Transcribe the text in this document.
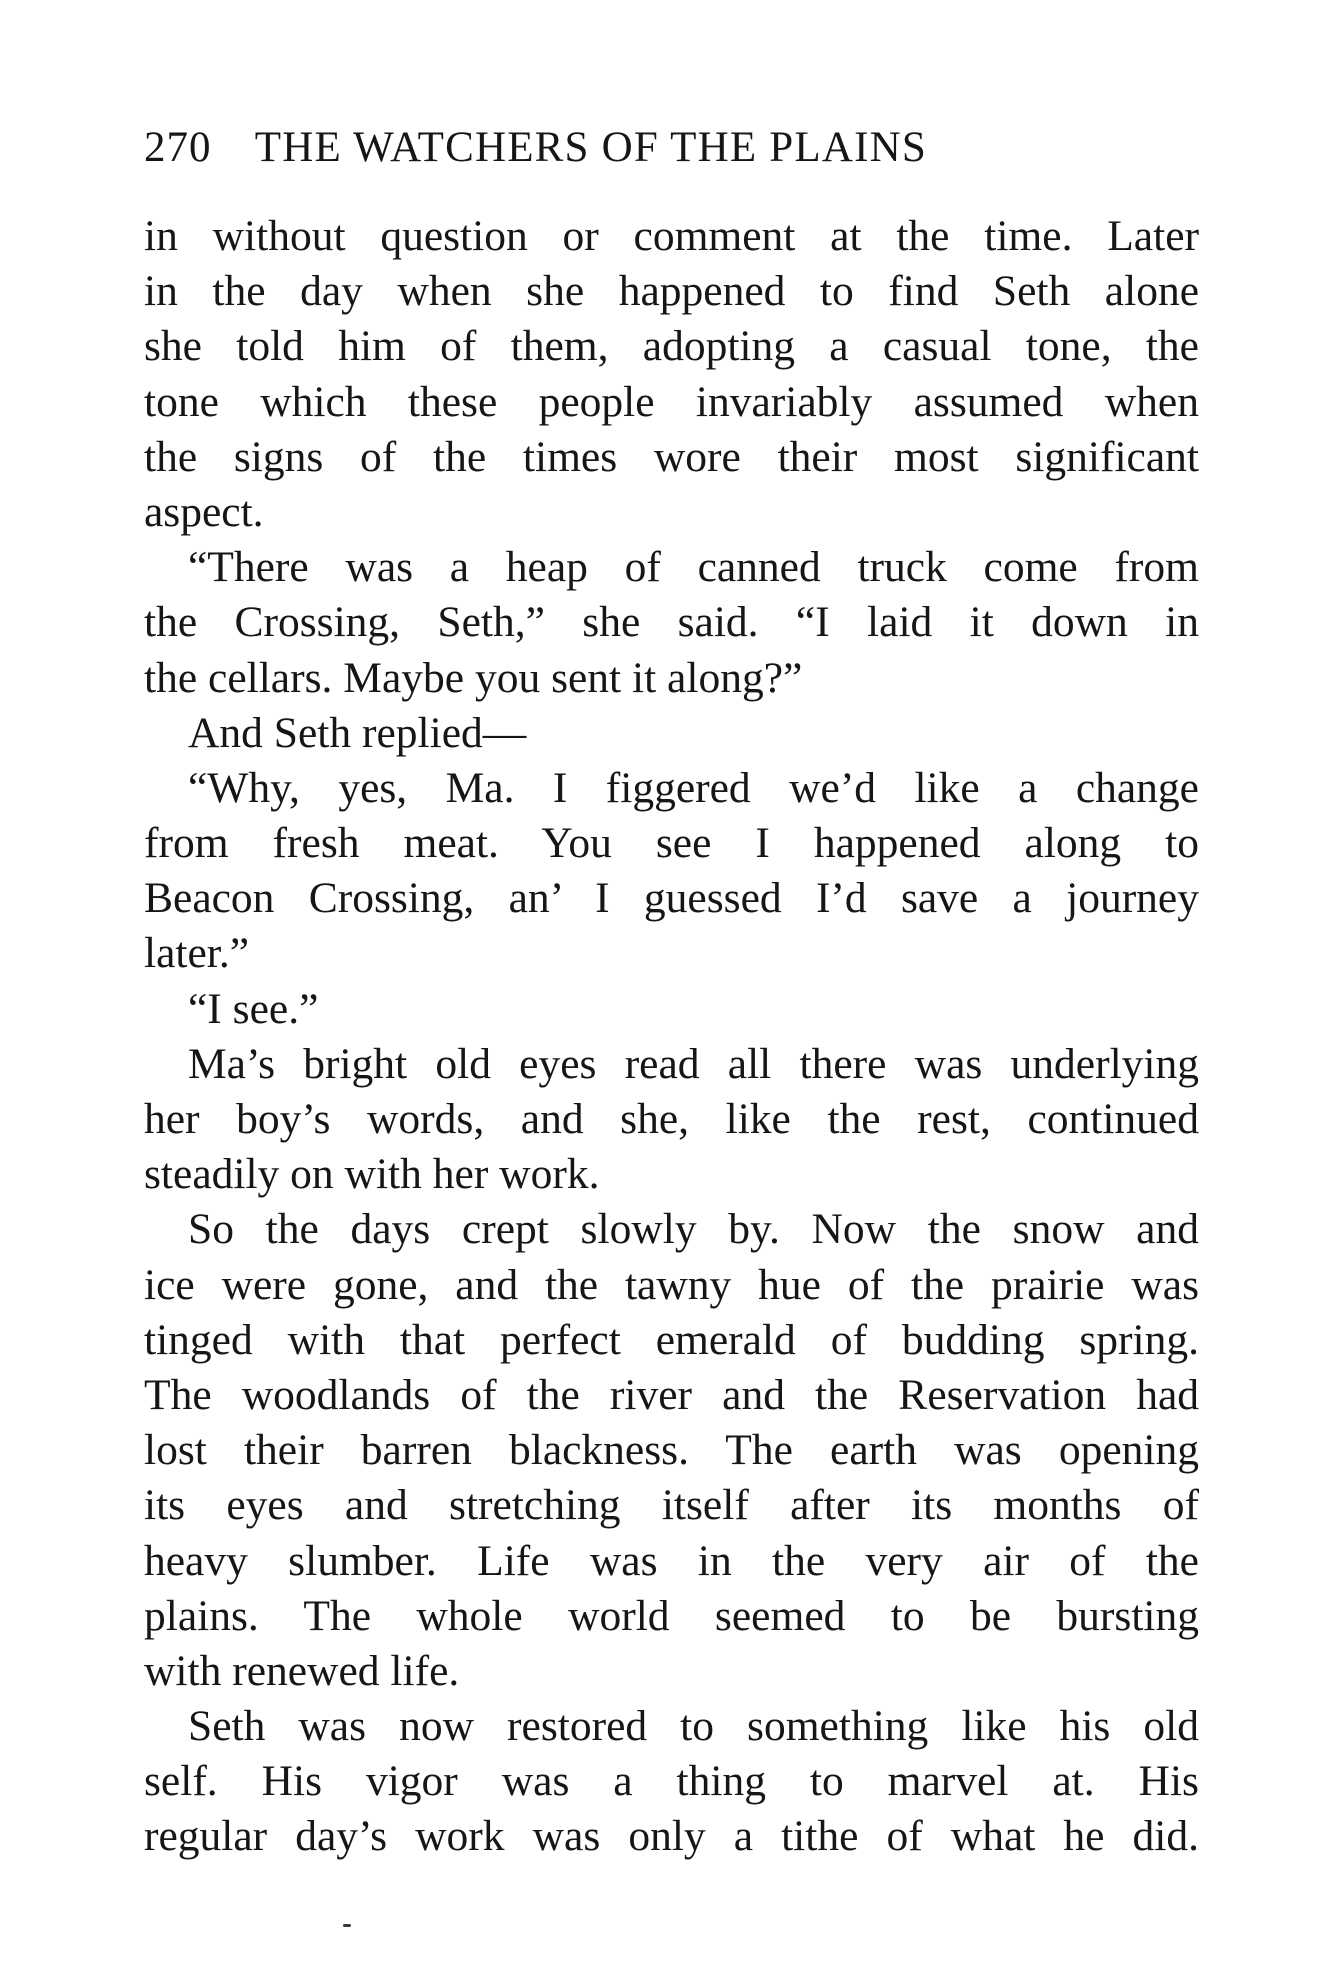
270 THE WATCHERS OF THE PLAINS
in without question or comment at the time. Later
in the day when she happened to find Seth alone
she told him of them, adopting a casual tone, the
tone which these people invariably assumed when
the signs of the times wore their most significant
aspect.
“There was a heap of canned truck come from
the Crossing, Seth,” she said. “I laid it down in
the cellars. Maybe you sent it along?”
And Seth replied—
“Why, yes, Ma. I figgered we’d like a change
from fresh meat. You see I happened along to
Beacon Crossing, an’ I guessed I’d save a journey
later.”
“I see.”
Ma’s bright old eyes read all there was underlying
her boy’s words, and she, like the rest, continued
steadily on with her work.
So the days crept slowly by. Now the snow and
ice were gone, and the tawny hue of the prairie was
tinged with that perfect emerald of budding spring.
The woodlands of the river and the Reservation had
lost their barren blackness. The earth was opening
its eyes and stretching itself after its months of
heavy slumber. Life was in the very air of the
plains. The whole world seemed to be bursting
with renewed life.
Seth was now restored to something like his old
self. His vigor was a thing to marvel at. His
regular day’s work was only a tithe of what he did.
